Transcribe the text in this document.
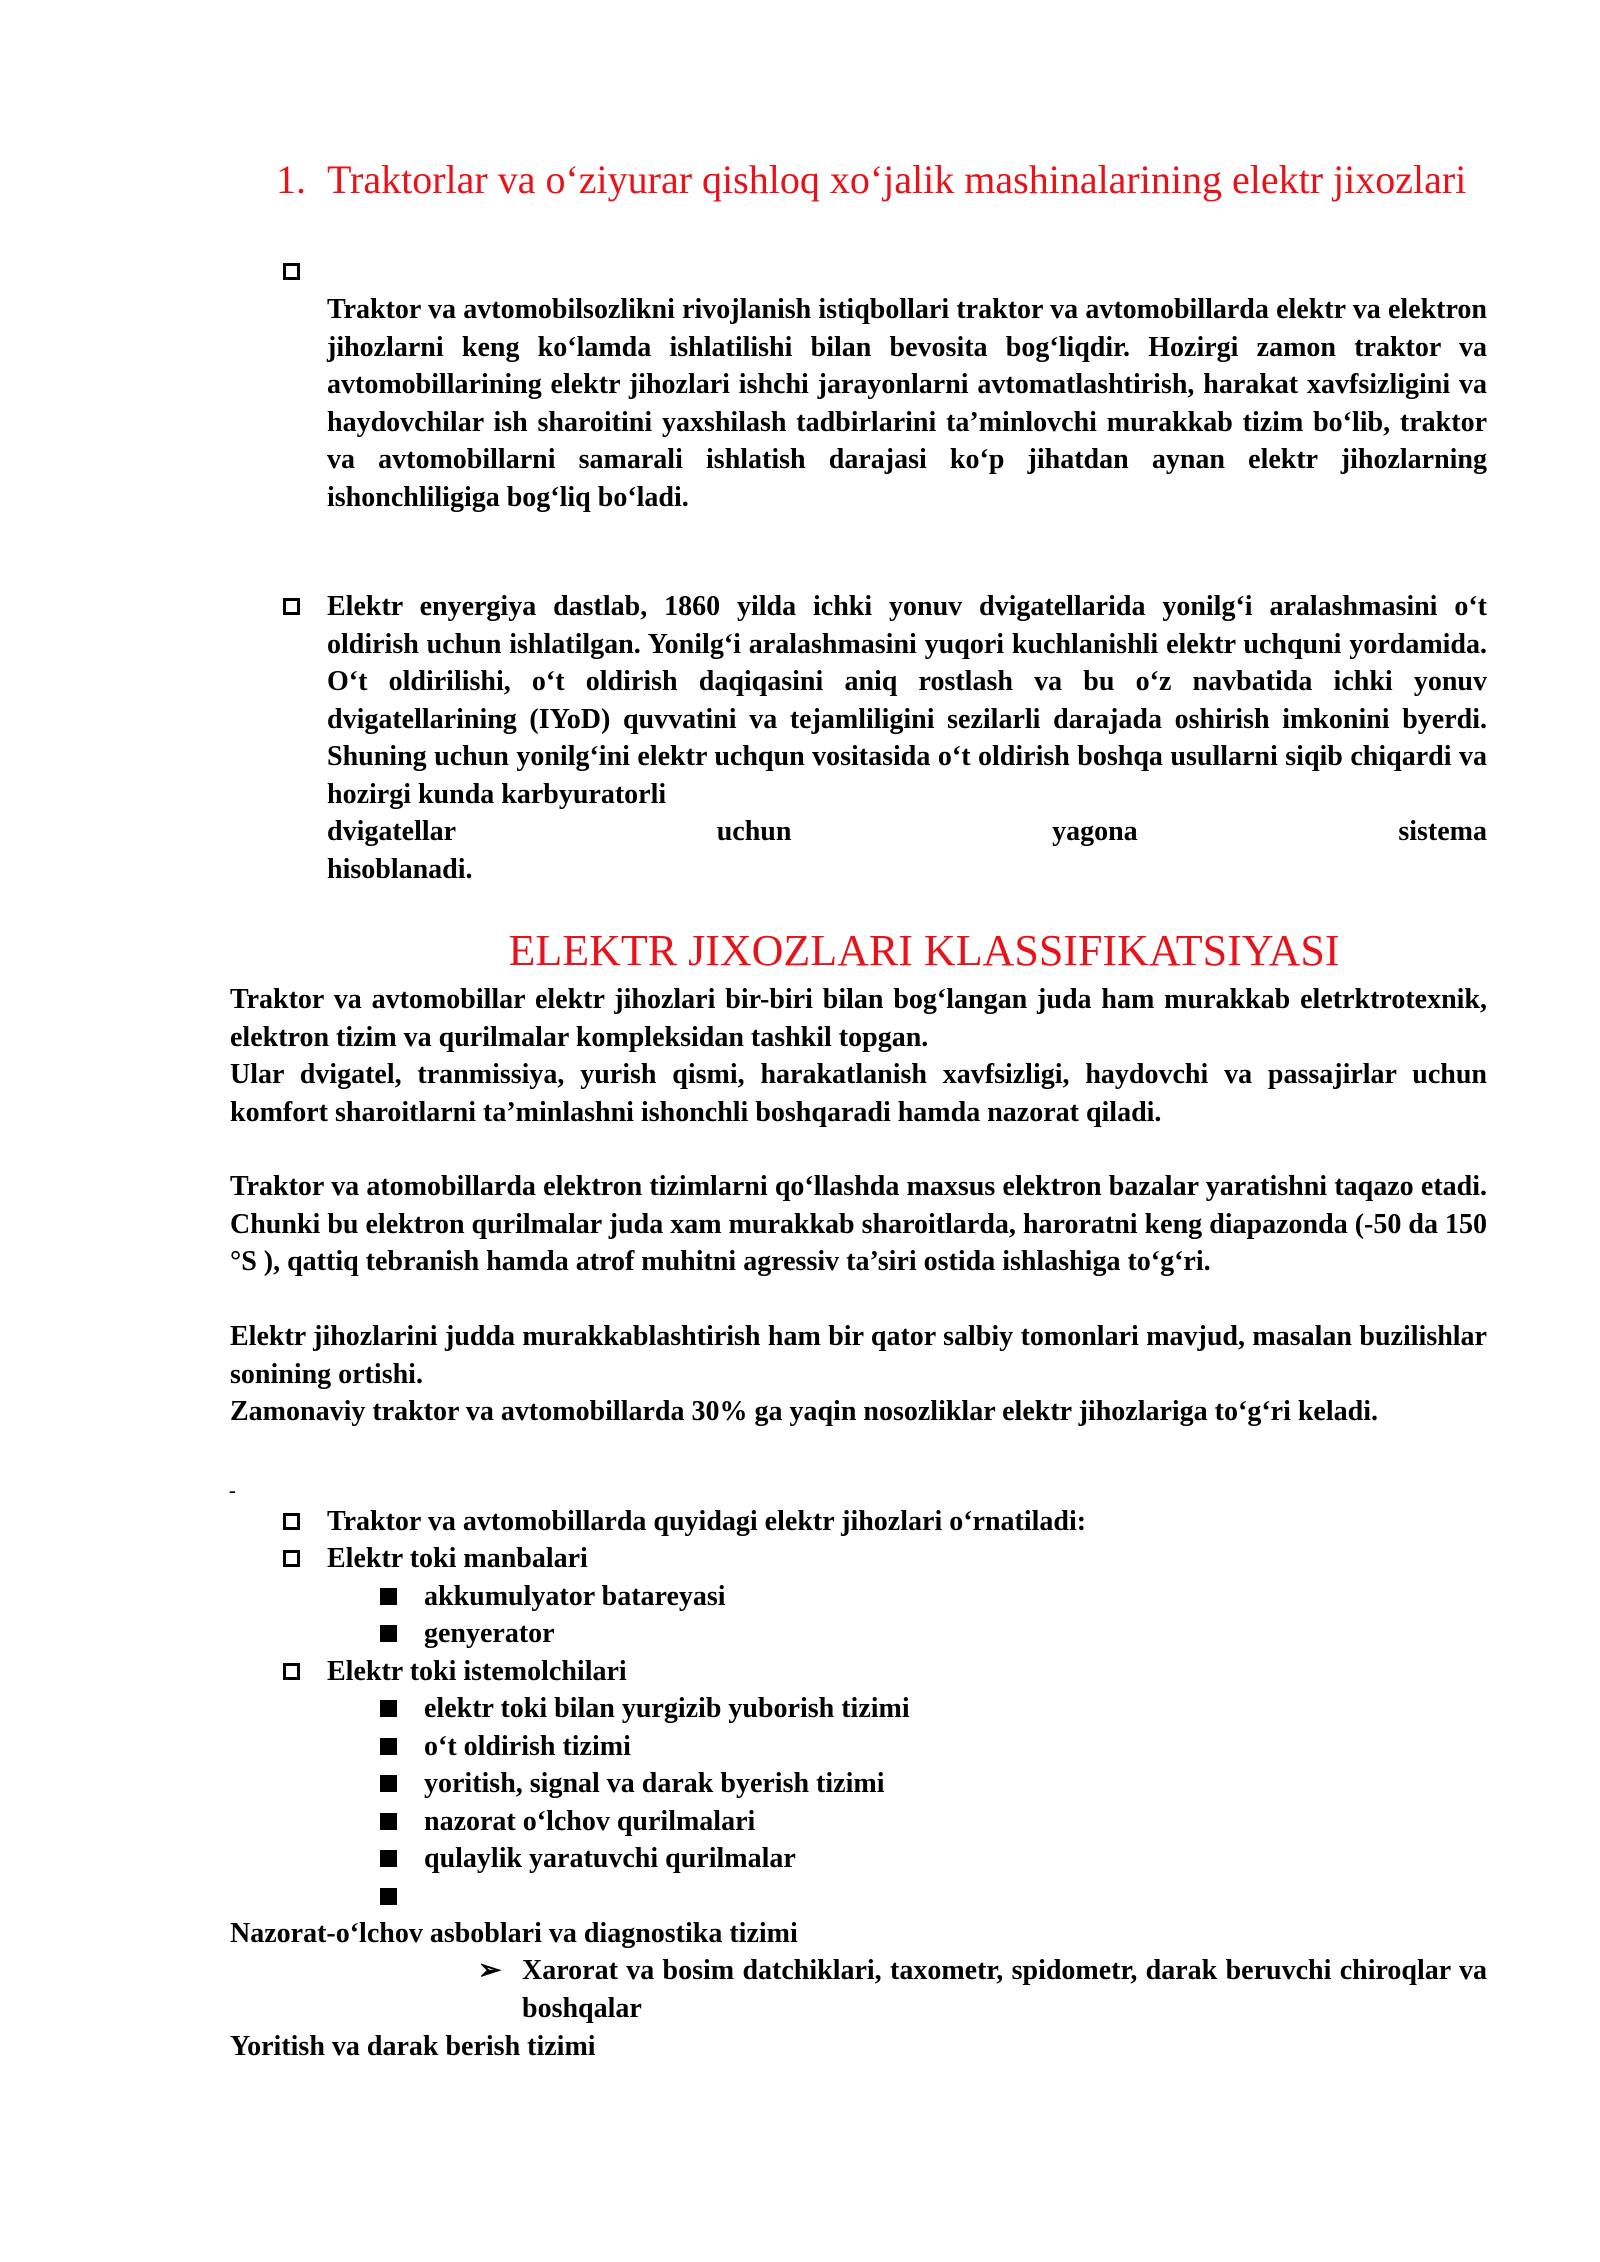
1. Traktorlar va o‘ziyurar qishloq xo‘jalik mashinalarining elektr jixozlari
Traktor va avtomobilsozlikni rivojlanish istiqbollari traktor va avtomobillarda elektr va elektron jihozlarni keng ko‘lamda ishlatilishi bilan bevosita bog‘liqdir. Hozirgi zamon traktor va avtomobillarining elektr jihozlari ishchi jarayonlarni avtomatlashtirish, harakat xavfsizligini va haydovchilar ish sharoitini yaxshilash tadbirlarini ta’minlovchi murakkab tizim bo‘lib, traktor va avtomobillarni samarali ishlatish darajasi ko‘p jihatdan aynan elektr jihozlarning ishonchliligiga bog‘liq bo‘ladi.
Elektr enyergiya dastlab, 1860 yilda ichki yonuv dvigatellarida yonilg‘i aralashmasini o‘t oldirish uchun ishlatilgan. Yonilg‘i aralashmasini yuqori kuchlanishli elektr uchquni yordamida. O‘t oldirilishi, o‘t oldirish daqiqasini aniq rostlash va bu o‘z navbatida ichki yonuv dvigatellarining (IYoD) quvvatini va tejamliligini sezilarli darajada oshirish imkonini byerdi. Shuning uchun yonilg‘ini elektr uchqun vositasida o‘t oldirish boshqa usullarni siqib chiqardi va hozirgi kunda karbyuratorli
dvigatellar	uchun	yagona	sistema
hisoblanadi.
ELEKTR JIXOZLARI KLASSIFIKATSIYASI
Traktor va avtomobillar elektr jihozlari bir-biri bilan bog‘langan juda ham murakkab eletrktrotexnik, elektron tizim va qurilmalar kompleksidan tashkil topgan.
Ular dvigatel, tranmissiya, yurish qismi, harakatlanish xavfsizligi, haydovchi va passajirlar uchun komfort sharoitlarni ta’minlashni ishonchli boshqaradi hamda nazorat qiladi.
Traktor va atomobillarda elektron tizimlarni qo‘llashda maxsus elektron bazalar yaratishni taqazo etadi. Chunki bu elektron qurilmalar juda xam murakkab sharoitlarda, haroratni keng diapazonda (-50 da 150 °S ), qattiq tebranish hamda atrof muhitni agressiv ta’siri ostida ishlashiga to‘g‘ri.
Elektr jihozlarini judda murakkablashtirish ham bir qator salbiy tomonlari mavjud, masalan buzilishlar sonining ortishi.
Zamonaviy traktor va avtomobillarda 30% ga yaqin nosozliklar elektr jihozlariga to‘g‘ri keladi.
-
Traktor va avtomobillarda quyidagi elektr jihozlari o‘rnatiladi:
Elektr toki manbalari
akkumulyator batareyasi
genyerator
Elektr toki istemolchilari
elektr toki bilan yurgizib yuborish tizimi
o‘t oldirish tizimi
yoritish, signal va darak byerish tizimi
nazorat o‘lchov qurilmalari
qulaylik yaratuvchi qurilmalar
Nazorat-o‘lchov asboblari va diagnostika tizimi
➢ Xarorat va bosim datchiklari, taxometr, spidometr, darak beruvchi chiroqlar va boshqalar
Yoritish va darak berish tizimi
